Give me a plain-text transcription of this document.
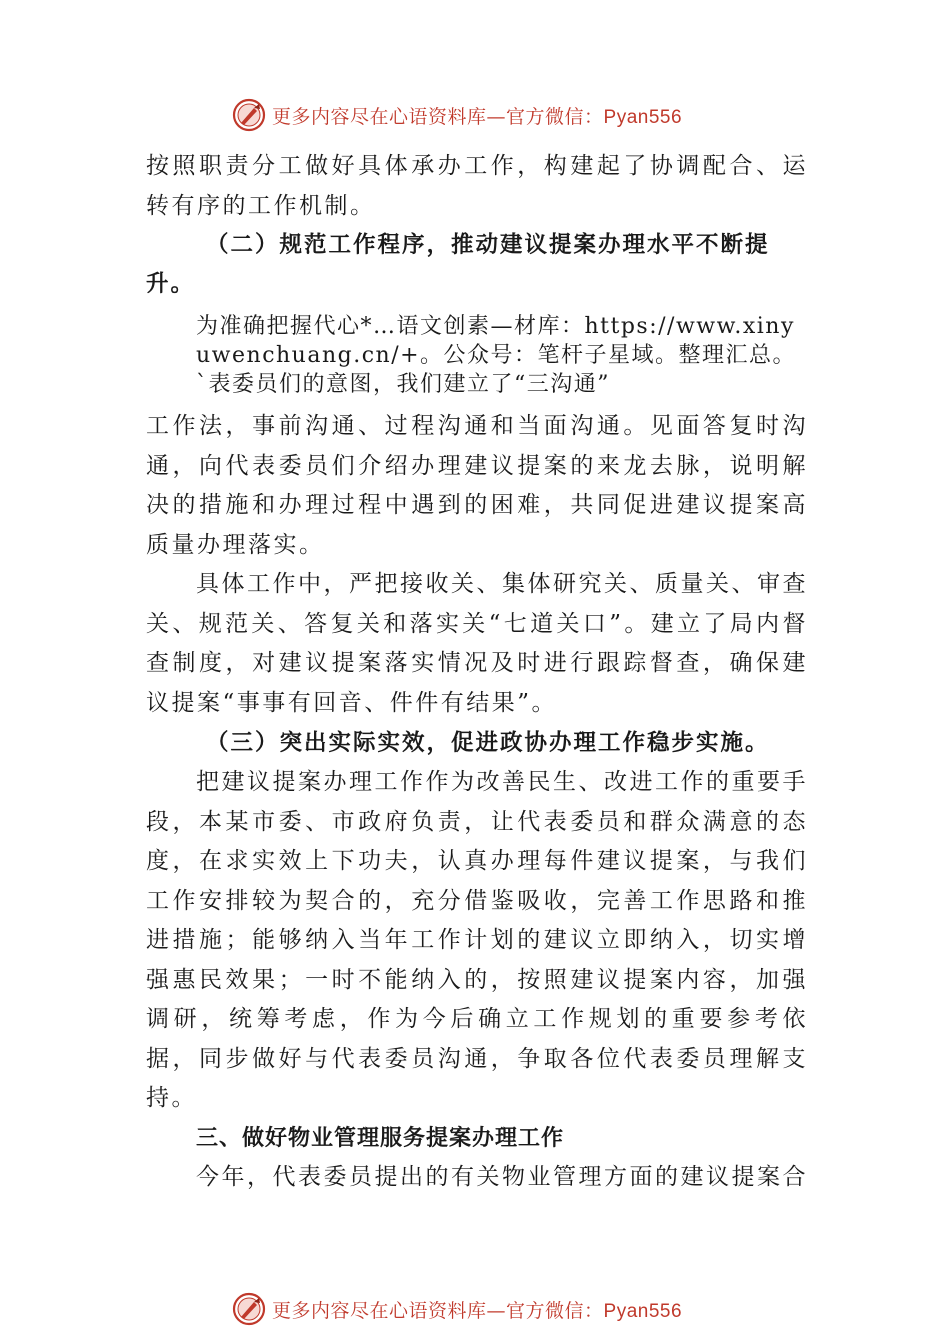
更多内容尽在心语资料库—官方微信：Pyan556

按照职责分工做好具体承办工作，构建起了协调配合、运转有序的工作机制。

（二）规范工作程序，推动建议提案办理水平不断提升。

为准确把握代心*…语文创素—材库：https://www.xinyuwenchuang.cn/+。公众号：笔杆子星域。整理汇总。`表委员们的意图，我们建立了“三沟通”

工作法，事前沟通、过程沟通和当面沟通。见面答复时沟通，向代表委员们介绍办理建议提案的来龙去脉，说明解决的措施和办理过程中遇到的困难，共同促进建议提案高质量办理落实。

具体工作中，严把接收关、集体研究关、质量关、审查关、规范关、答复关和落实关“七道关口”。建立了局内督查制度，对建议提案落实情况及时进行跟踪督查，确保建议提案“事事有回音、件件有结果”。

（三）突出实际实效，促进政协办理工作稳步实施。

把建议提案办理工作作为改善民生、改进工作的重要手段，本某市委、市政府负责，让代表委员和群众满意的态度，在求实效上下功夫，认真办理每件建议提案，与我们工作安排较为契合的，充分借鉴吸收，完善工作思路和推进措施；能够纳入当年工作计划的建议立即纳入，切实增强惠民效果；一时不能纳入的，按照建议提案内容，加强调研，统筹考虑，作为今后确立工作规划的重要参考依据，同步做好与代表委员沟通，争取各位代表委员理解支持。

三、做好物业管理服务提案办理工作

今年，代表委员提出的有关物业管理方面的建议提案合

更多内容尽在心语资料库—官方微信：Pyan556
